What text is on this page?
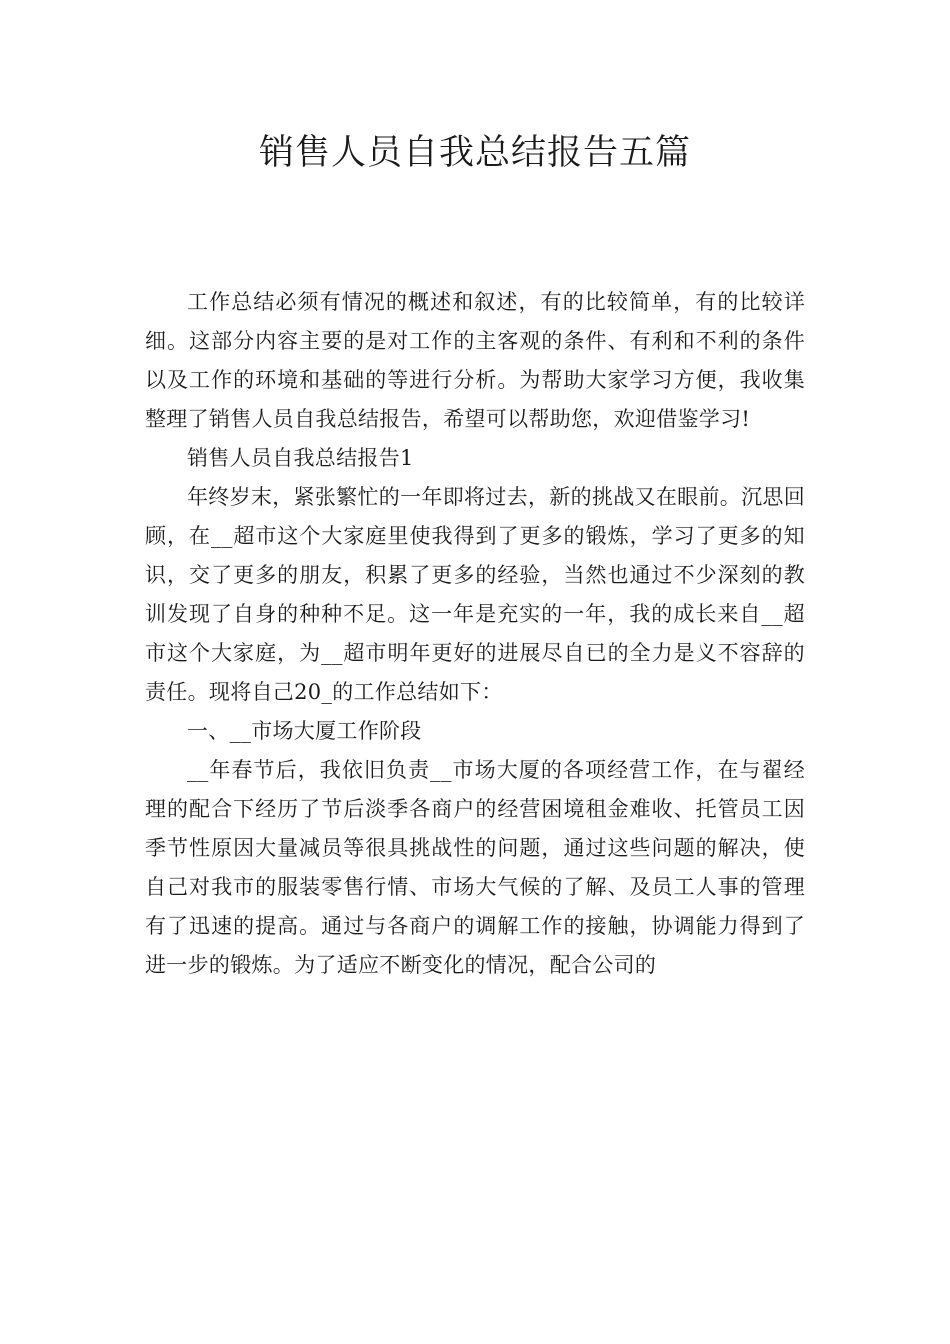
销售人员自我总结报告五篇

工作总结必须有情况的概述和叙述，有的比较简单，有的比较详细。这部分内容主要的是对工作的主客观的条件、有利和不利的条件以及工作的环境和基础的等进行分析。为帮助大家学习方便，我收集整理了销售人员自我总结报告，希望可以帮助您，欢迎借鉴学习!

销售人员自我总结报告1

年终岁末，紧张繁忙的一年即将过去，新的挑战又在眼前。沉思回顾，在__超市这个大家庭里使我得到了更多的锻炼，学习了更多的知识，交了更多的朋友，积累了更多的经验，当然也通过不少深刻的教训发现了自身的种种不足。这一年是充实的一年，我的成长来自__超市这个大家庭，为__超市明年更好的进展尽自已的全力是义不容辞的责任。现将自己20_的工作总结如下：

一、__市场大厦工作阶段

__年春节后，我依旧负责__市场大厦的各项经营工作，在与翟经理的配合下经历了节后淡季各商户的经营困境租金难收、托管员工因季节性原因大量减员等很具挑战性的问题，通过这些问题的解决，使自己对我市的服装零售行情、市场大气候的了解、及员工人事的管理有了迅速的提高。通过与各商户的调解工作的接触，协调能力得到了进一步的锻炼。为了适应不断变化的情况，配合公司的
